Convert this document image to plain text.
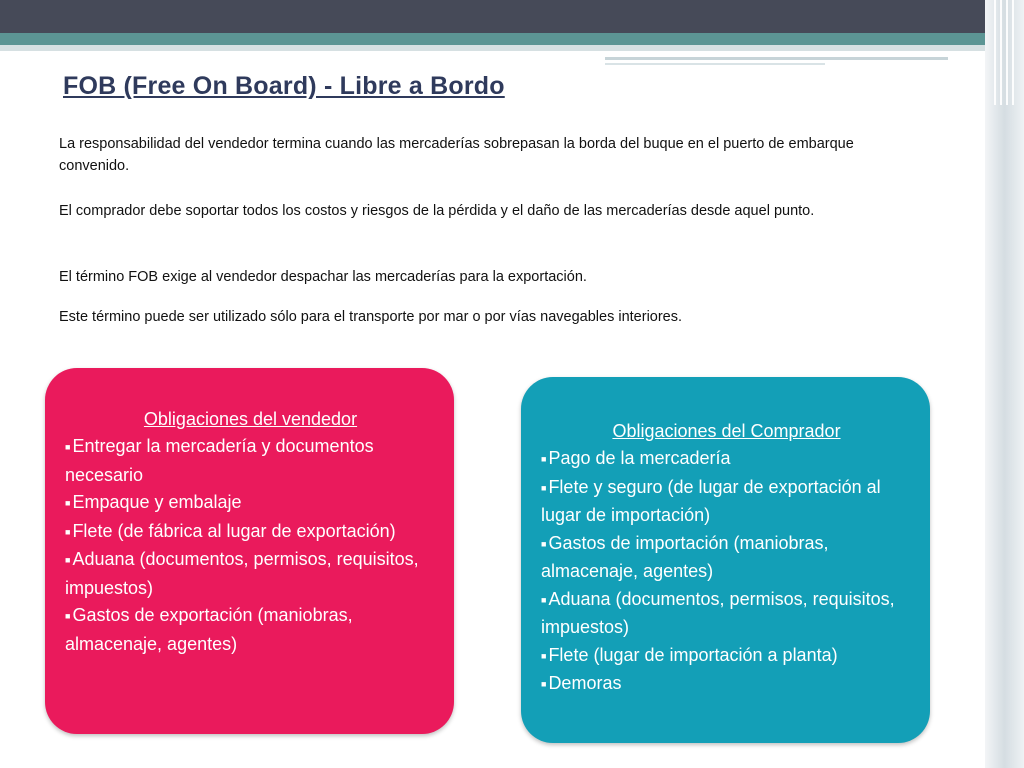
FOB (Free On Board) - Libre a Bordo
La responsabilidad del vendedor termina cuando las mercaderías sobrepasan la borda del buque en el puerto de embarque convenido.
El comprador debe soportar todos los costos y riesgos de la pérdida y el daño de las mercaderías desde aquel punto.
El término FOB exige al vendedor despachar las mercaderías para la exportación.
Este término puede ser utilizado sólo para el transporte por mar o por vías navegables interiores.
Obligaciones del vendedor
■ Entregar la mercadería y documentos necesario
■ Empaque y embalaje
■ Flete (de fábrica al lugar de exportación)
■ Aduana (documentos, permisos, requisitos, impuestos)
■ Gastos de exportación (maniobras, almacenaje, agentes)
Obligaciones del Comprador
■ Pago de la mercadería
■ Flete y seguro (de lugar de exportación al lugar de importación)
■ Gastos de importación (maniobras, almacenaje, agentes)
■ Aduana (documentos, permisos, requisitos, impuestos)
■ Flete (lugar de importación a planta)
■ Demoras
